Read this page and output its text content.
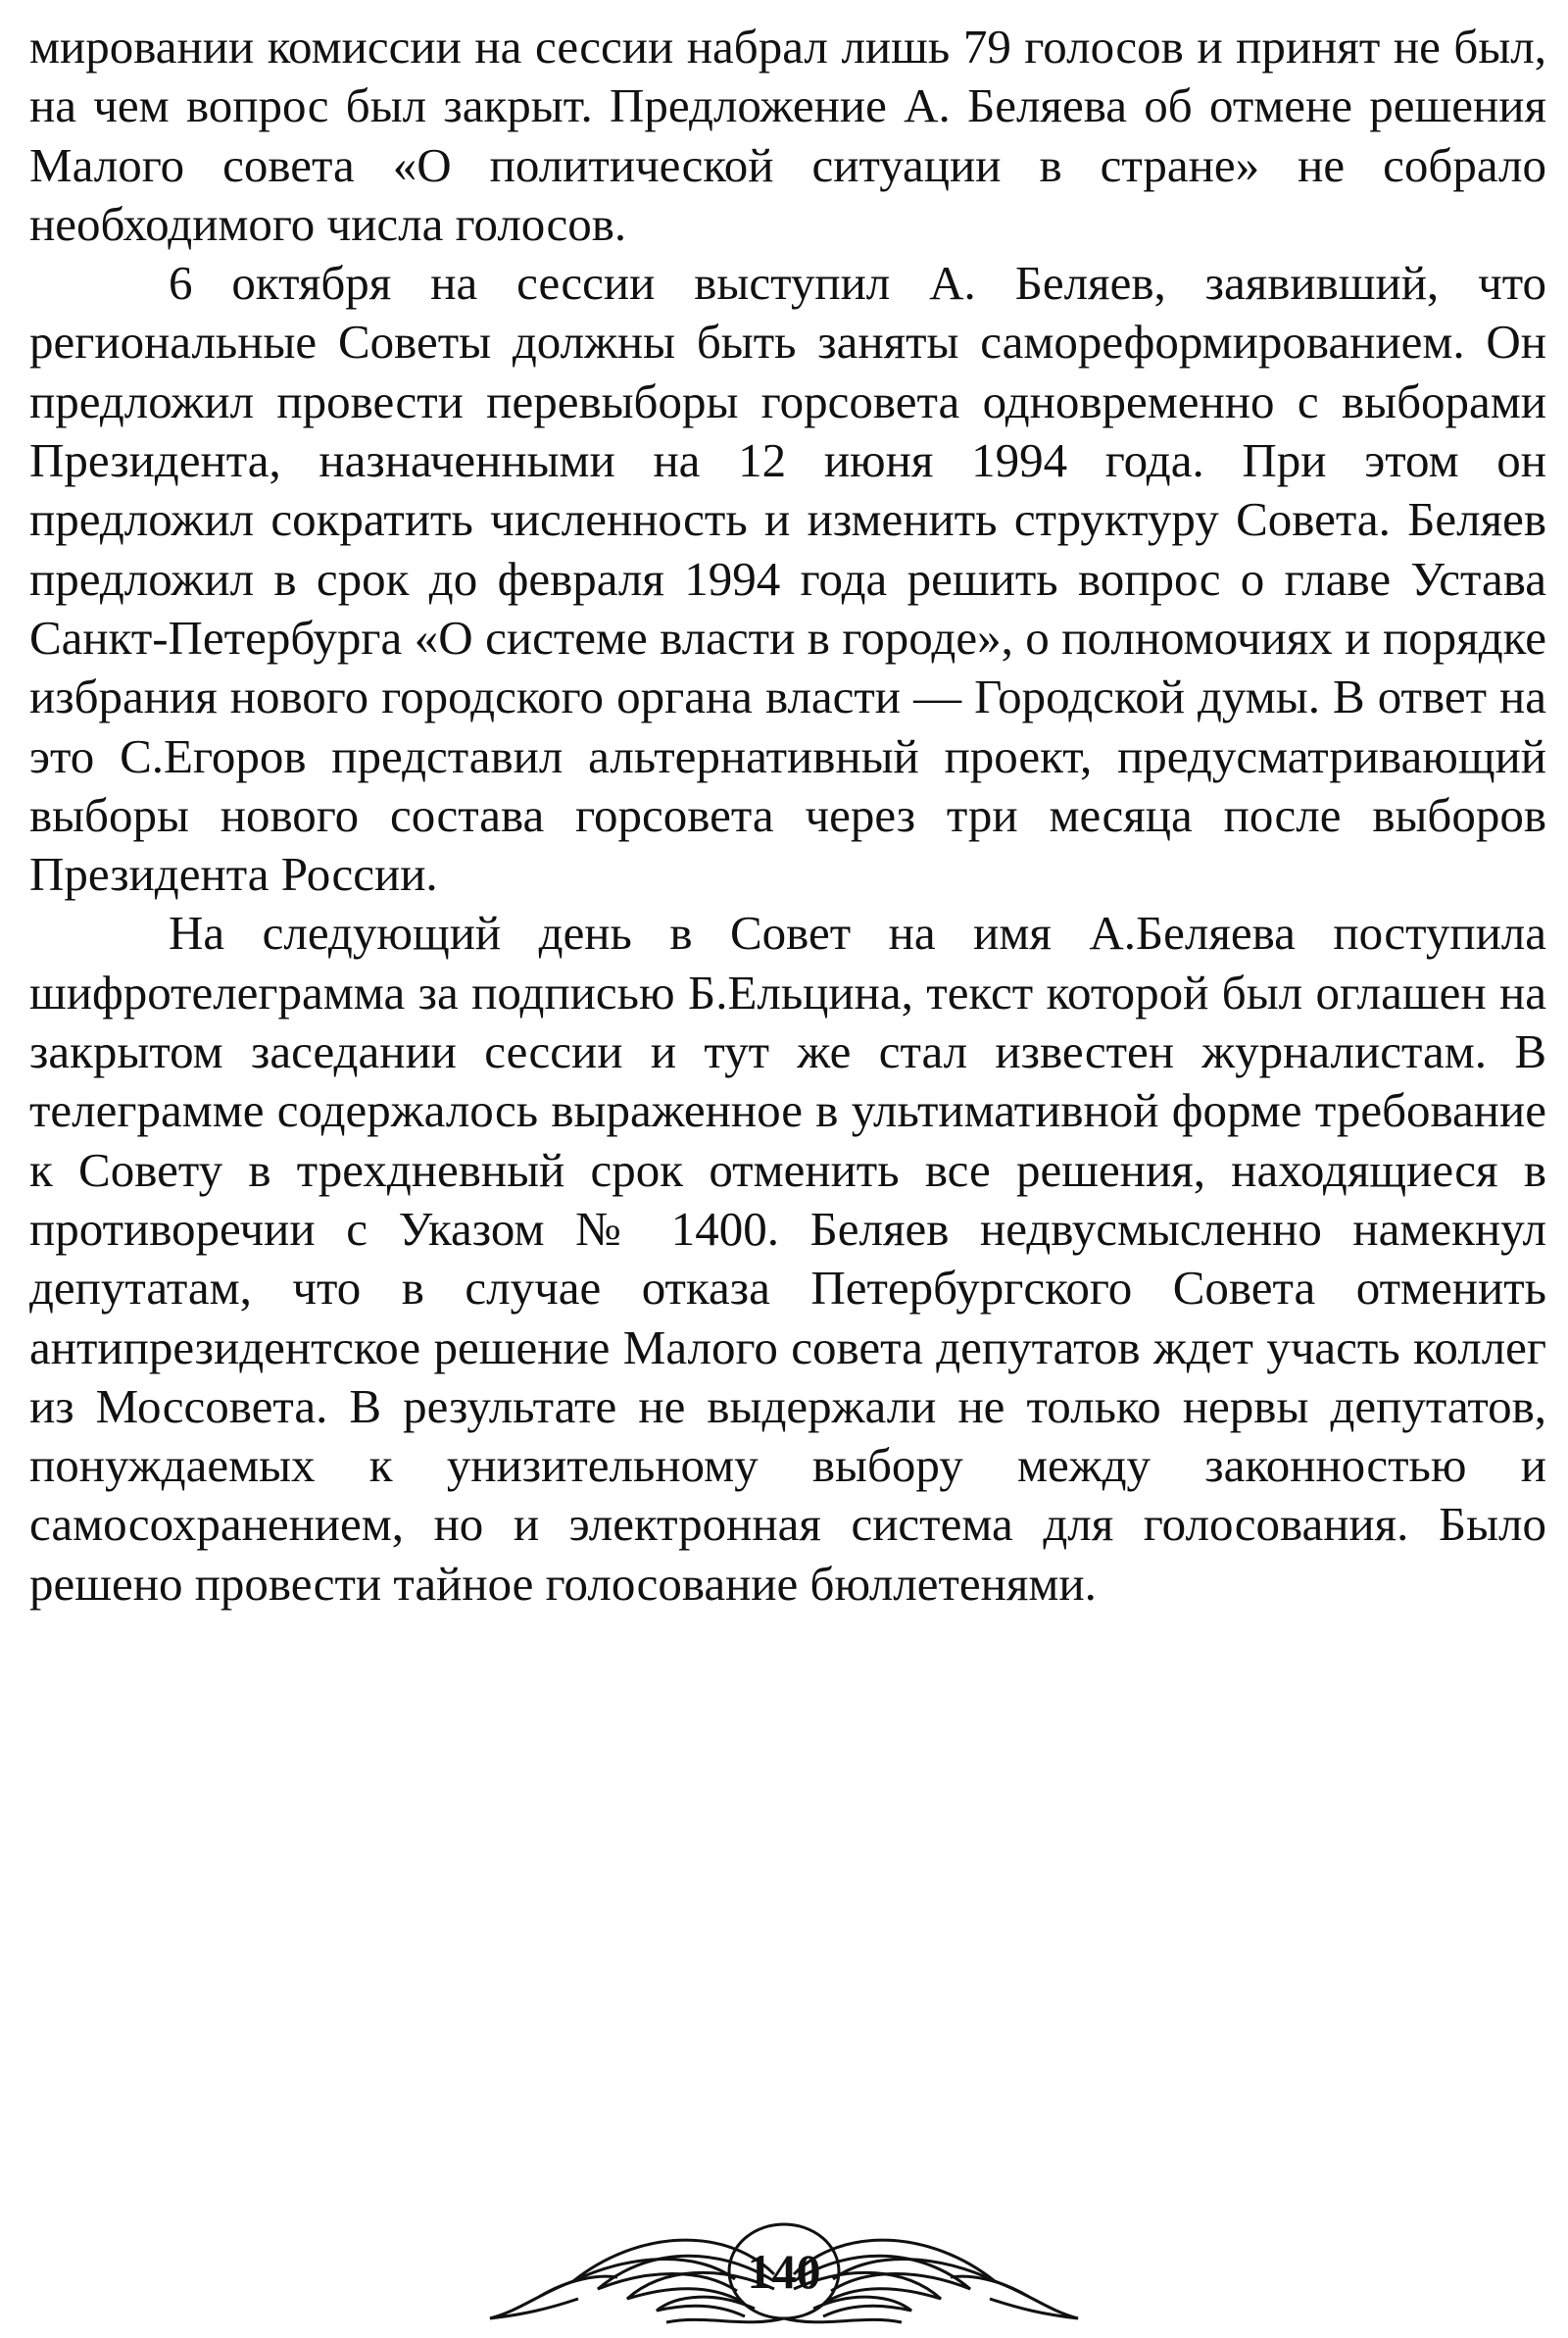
мировании комиссии на сессии набрал лишь 79 голосов и принят не был, на чем вопрос был закрыт. Предложение А. Беляева об отмене решения Малого совета «О политической ситуации в стране» не собрало необходимого числа голосов.

6 октября на сессии выступил А. Беляев, заявивший, что региональные Советы должны быть заняты самореформированием. Он предложил провести перевыборы горсовета одновременно с выборами Президента, назначенными на 12 июня 1994 года. При этом он предложил сократить численность и изменить структуру Совета. Беляев предложил в срок до февраля 1994 года решить вопрос о главе Устава Санкт-Петербурга «О системе власти в городе», о полномочиях и порядке избрания нового городского органа власти — Городской думы. В ответ на это С.Егоров представил альтернативный проект, предусматривающий выборы нового состава горсовета через три месяца после выборов Президента России.

На следующий день в Совет на имя А.Беляева поступила шифротелеграмма за подписью Б.Ельцина, текст которой был оглашен на закрытом заседании сессии и тут же стал известен журналистам. В телеграмме содержалось выраженное в ультимативной форме требование к Совету в трехдневный срок отменить все решения, находящиеся в противоречии с Указом № 1400. Беляев недвусмысленно намекнул депутатам, что в случае отказа Петербургского Совета отменить антипрезидентское решение Малого совета депутатов ждет участь коллег из Моссовета. В результате не выдержали не только нервы депутатов, понуждаемых к унизительному выбору между законностью и самосохранением, но и электронная система для голосования. Было решено провести тайное голосование бюллетенями.

140
